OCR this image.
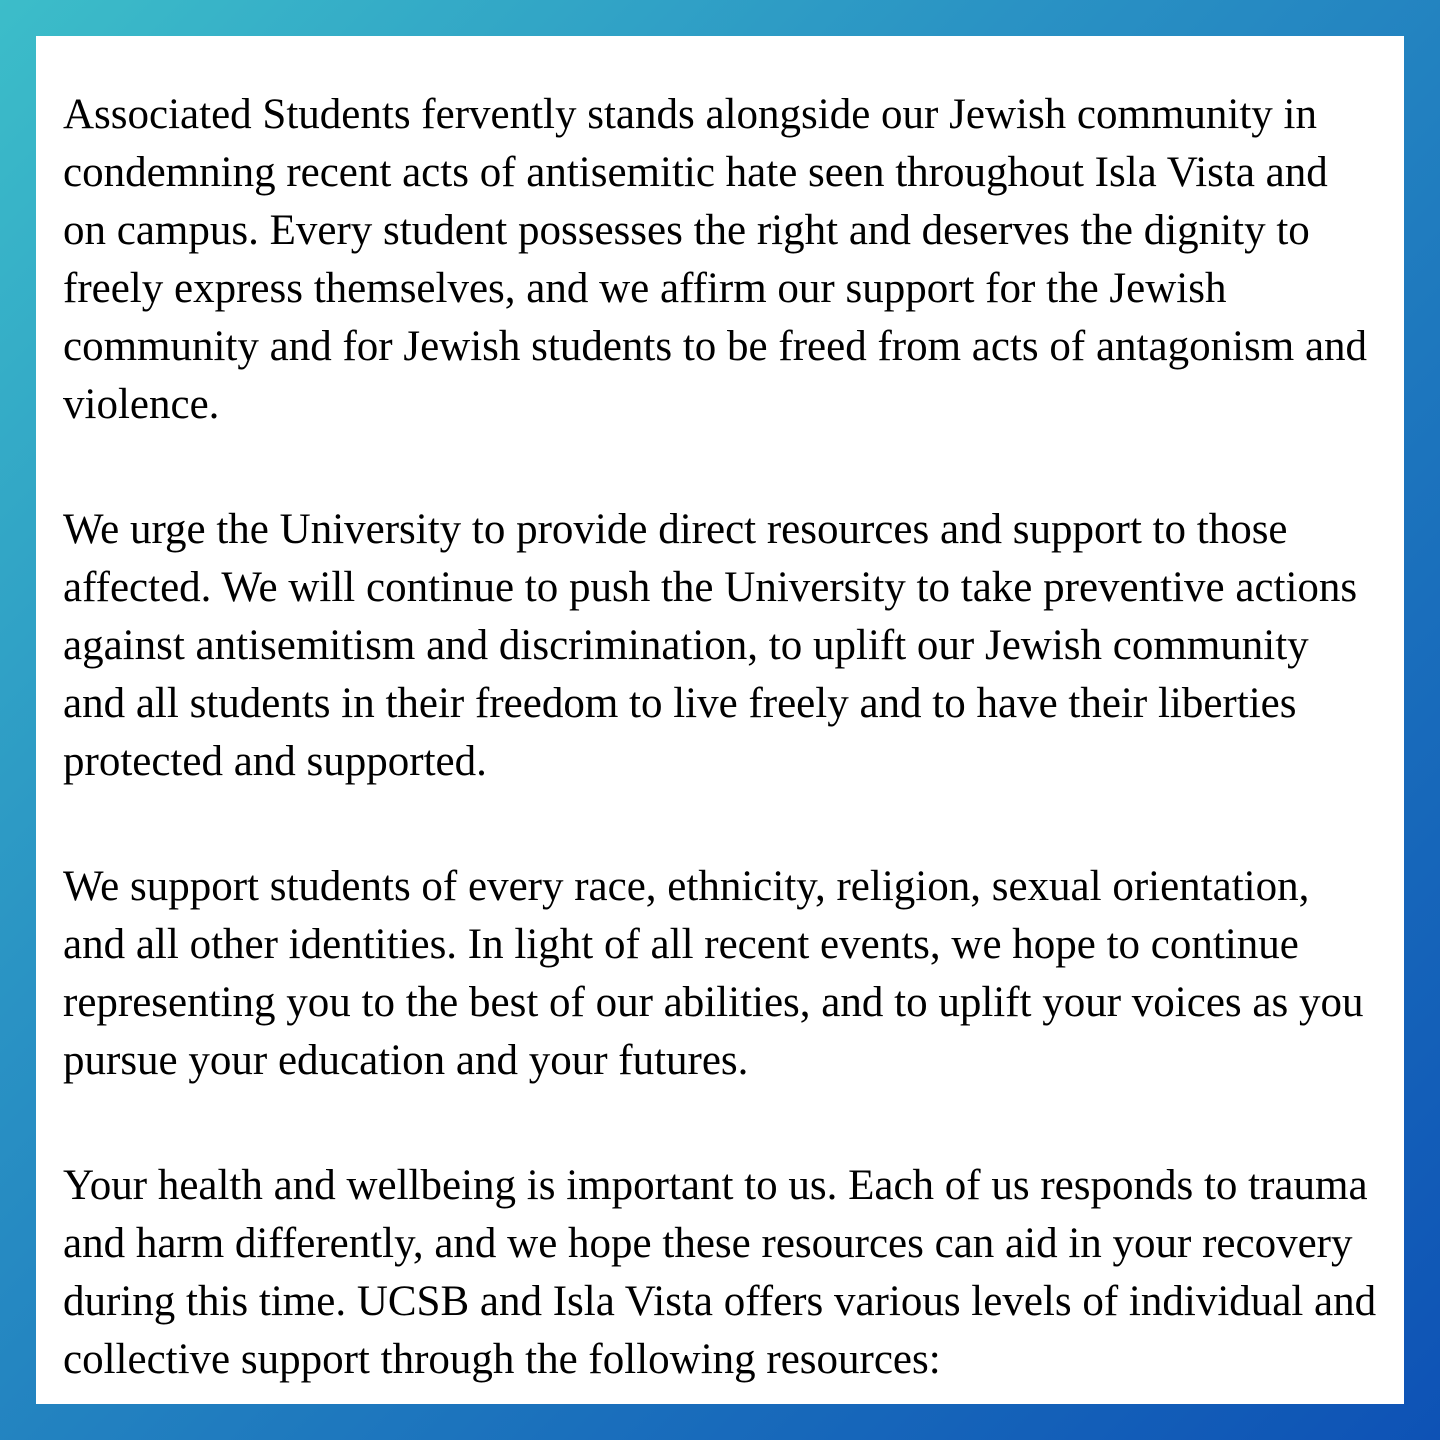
Associated Students fervently stands alongside our Jewish community in condemning recent acts of antisemitic hate seen throughout Isla Vista and on campus. Every student possesses the right and deserves the dignity to freely express themselves, and we affirm our support for the Jewish community and for Jewish students to be freed from acts of antagonism and violence.

We urge the University to provide direct resources and support to those affected. We will continue to push the University to take preventive actions against antisemitism and discrimination, to uplift our Jewish community and all students in their freedom to live freely and to have their liberties protected and supported.

We support students of every race, ethnicity, religion, sexual orientation, and all other identities. In light of all recent events, we hope to continue representing you to the best of our abilities, and to uplift your voices as you pursue your education and your futures.

Your health and wellbeing is important to us. Each of us responds to trauma and harm differently, and we hope these resources can aid in your recovery during this time. UCSB and Isla Vista offers various levels of individual and collective support through the following resources:
